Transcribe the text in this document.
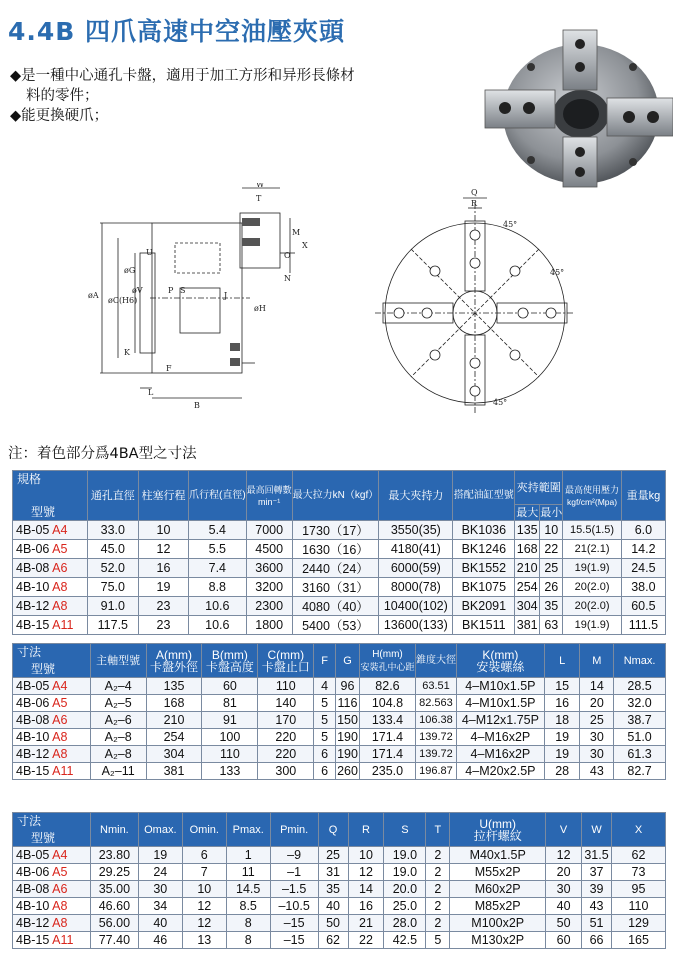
4.4B 四爪高速中空油壓夾頭
◆是一種中心通孔卡盤，適用于加工方形和异形長條材
料的零件；
◆能更換硬爪；
W
T
M
X
N
O
U
øG
øV
øC(H6)
øA
P S
J
øH
K
F
L
B
Q
R
45°
45°
45°
注：着色部分爲4BA型之寸法
規格
型號	通孔直徑	柱塞行程	爪行程(直徑)	最高回轉數
min⁻¹	最大拉力kN（kgf）	最大夾持力	搭配油缸型號	夾持範圍		最高使用壓力
kgf/cm²(Mpa)	重量kg
								最大	最小		
4B-05 A4	33.0	10	5.4	7000	1730（17）	3550(35)	BK1036	135	10	15.5(1.5)	6.0
4B-06 A5	45.0	12	5.5	4500	1630（16）	4180(41)	BK1246	168	22	21(2.1)	14.2
4B-08 A6	52.0	16	7.4	3600	2440（24）	6000(59)	BK1552	210	25	19(1.9)	24.5
4B-10 A8	75.0	19	8.8	3200	3160（31）	8000(78)	BK1075	254	26	20(2.0)	38.0
4B-12 A8	91.0	23	10.6	2300	4080（40）	10400(102)	BK2091	304	35	20(2.0)	60.5
4B-15 A11	117.5	23	10.6	1800	5400（53）	13600(133)	BK1511	381	63	19(1.9)	111.5
寸法
型號	主軸型號	A(mm)
卡盤外徑	B(mm)
卡盤高度	C(mm)
卡盤止口	F	G	H(mm)
安裝孔中心距	錐度大徑	K(mm)
安裝螺絲	L	M	Nmax.
4B-05 A4	A₂–4	135	60	110	4	96	82.6	63.51	4–M10x1.5P	15	14	28.5
4B-06 A5	A₂–5	168	81	140	5	116	104.8	82.563	4–M10x1.5P	16	20	32.0
4B-08 A6	A₂–6	210	91	170	5	150	133.4	106.38	4–M12x1.75P	18	25	38.7
4B-10 A8	A₂–8	254	100	220	5	190	171.4	139.72	4–M16x2P	19	30	51.0
4B-12 A8	A₂–8	304	110	220	6	190	171.4	139.72	4–M16x2P	19	30	61.3
4B-15 A11	A₂–11	381	133	300	6	260	235.0	196.87	4–M20x2.5P	28	43	82.7
寸法
型號	Nmin.	Omax.	Omin.	Pmax.	Pmin.	Q	R	S	T	U(mm)
拉杆螺紋	V	W	X
4B-05 A4	23.80	19	6	1	–9	25	10	19.0	2	M40x1.5P	12	31.5	62
4B-06 A5	29.25	24	7	11	–1	31	12	19.0	2	M55x2P	20	37	73
4B-08 A6	35.00	30	10	14.5	–1.5	35	14	20.0	2	M60x2P	30	39	95
4B-10 A8	46.60	34	12	8.5	–10.5	40	16	25.0	2	M85x2P	40	43	110
4B-12 A8	56.00	40	12	8	–15	50	21	28.0	2	M100x2P	50	51	129
4B-15 A11	77.40	46	13	8	–15	62	22	42.5	5	M130x2P	60	66	165
